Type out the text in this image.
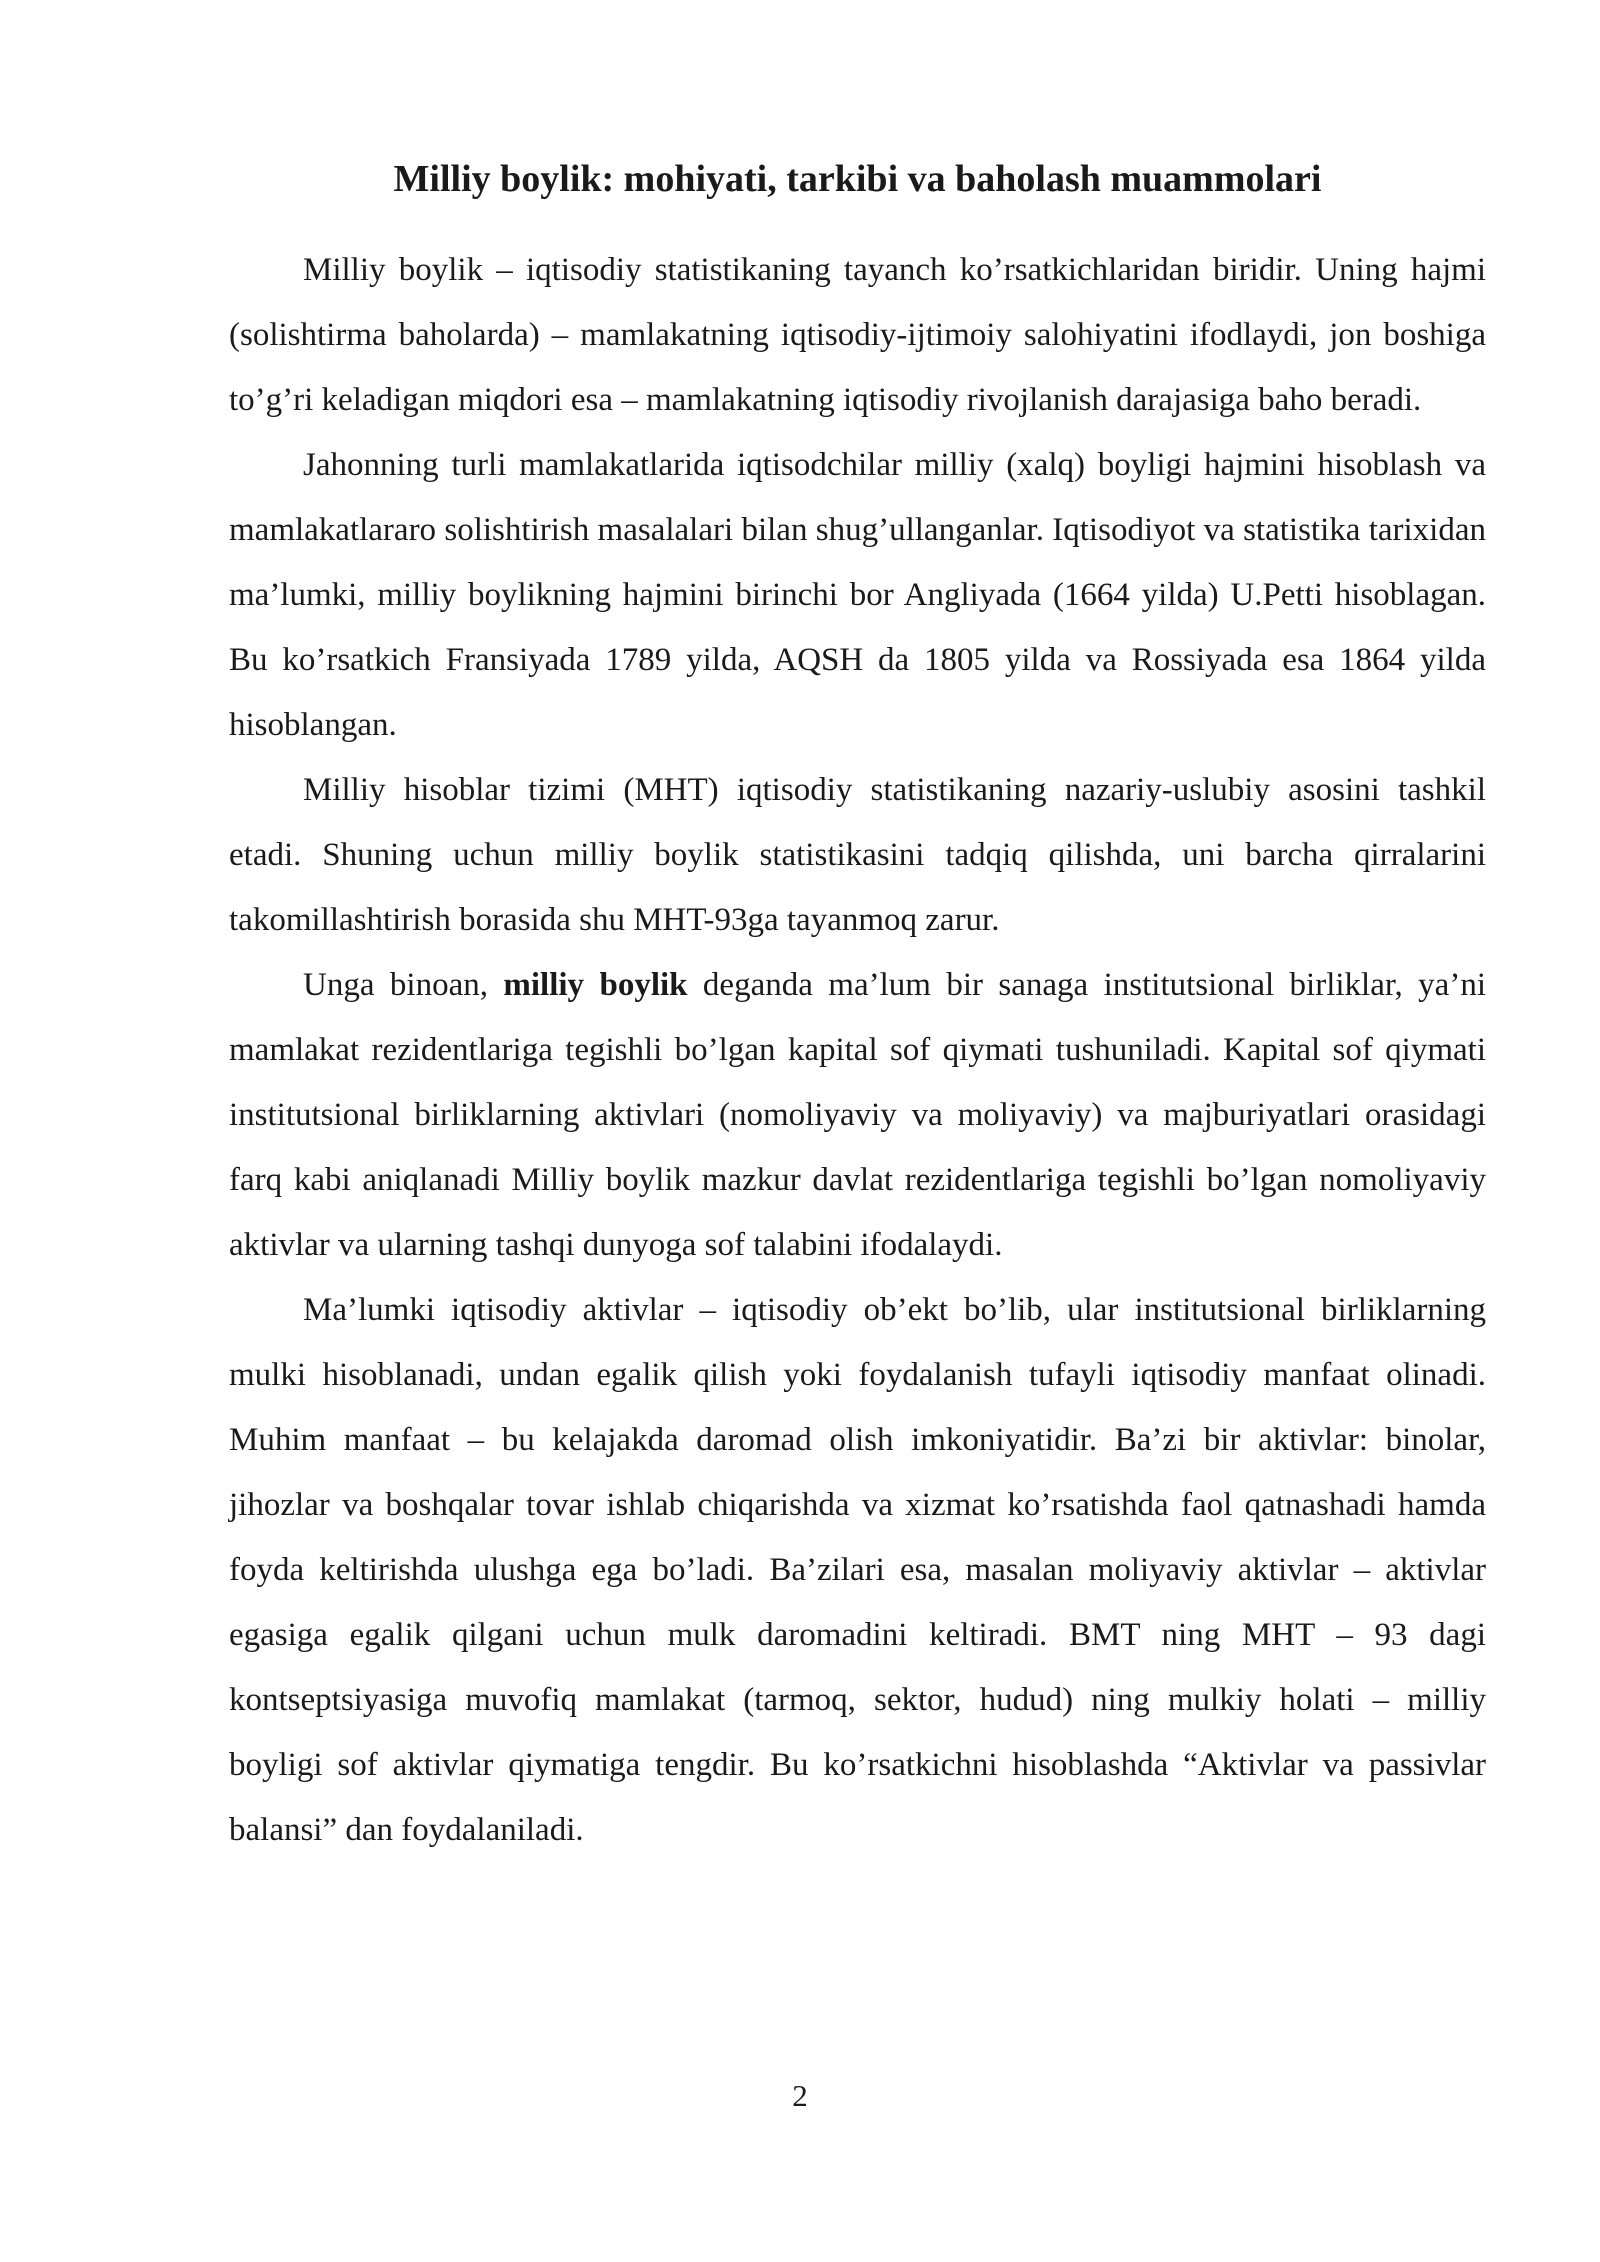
Milliy boylik: mohiyati, tarkibi va baholash muammolari

Milliy boylik – iqtisodiy statistikaning tayanch ko’rsatkichlaridan biridir. Uning hajmi (solishtirma baholarda) – mamlakatning iqtisodiy-ijtimoiy salohiyatini ifodlaydi, jon boshiga to’g’ri keladigan miqdori esa – mamlakatning iqtisodiy rivojlanish darajasiga baho beradi.

Jahonning turli mamlakatlarida iqtisodchilar milliy (xalq) boyligi hajmini hisoblash va mamlakatlararo solishtirish masalalari bilan shug’ullanganlar. Iqtisodiyot va statistika tarixidan ma’lumki, milliy boylikning hajmini birinchi bor Angliyada (1664 yilda) U.Petti hisoblagan. Bu ko’rsatkich Fransiyada 1789 yilda, AQSH da 1805 yilda va Rossiyada esa 1864 yilda hisoblangan.

Milliy hisoblar tizimi (MHT) iqtisodiy statistikaning nazariy-uslubiy asosini tashkil etadi. Shuning uchun milliy boylik statistikasini tadqiq qilishda, uni barcha qirralarini takomillashtirish borasida shu MHT-93ga tayanmoq zarur.

Unga binoan, milliy boylik deganda ma’lum bir sanaga institutsional birliklar, ya’ni mamlakat rezidentlariga tegishli bo’lgan kapital sof qiymati tushuniladi. Kapital sof qiymati institutsional birliklarning aktivlari (nomoliyaviy va moliyaviy) va majburiyatlari orasidagi farq kabi aniqlanadi Milliy boylik mazkur davlat rezidentlariga tegishli bo’lgan nomoliyaviy aktivlar va ularning tashqi dunyoga sof talabini ifodalaydi.

Ma’lumki iqtisodiy aktivlar – iqtisodiy ob’ekt bo’lib, ular institutsional birliklarning mulki hisoblanadi, undan egalik qilish yoki foydalanish tufayli iqtisodiy manfaat olinadi. Muhim manfaat – bu kelajakda daromad olish imkoniyatidir. Ba’zi bir aktivlar: binolar, jihozlar va boshqalar tovar ishlab chiqarishda va xizmat ko’rsatishda faol qatnashadi hamda foyda keltirishda ulushga ega bo’ladi. Ba’zilari esa, masalan moliyaviy aktivlar – aktivlar egasiga egalik qilgani uchun mulk daromadini keltiradi. BMT ning MHT – 93 dagi kontseptsiyasiga muvofiq mamlakat (tarmoq, sektor, hudud) ning mulkiy holati – milliy boyligi sof aktivlar qiymatiga tengdir. Bu ko’rsatkichni hisoblashda “Aktivlar va passivlar balansi” dan foydalaniladi.

2
